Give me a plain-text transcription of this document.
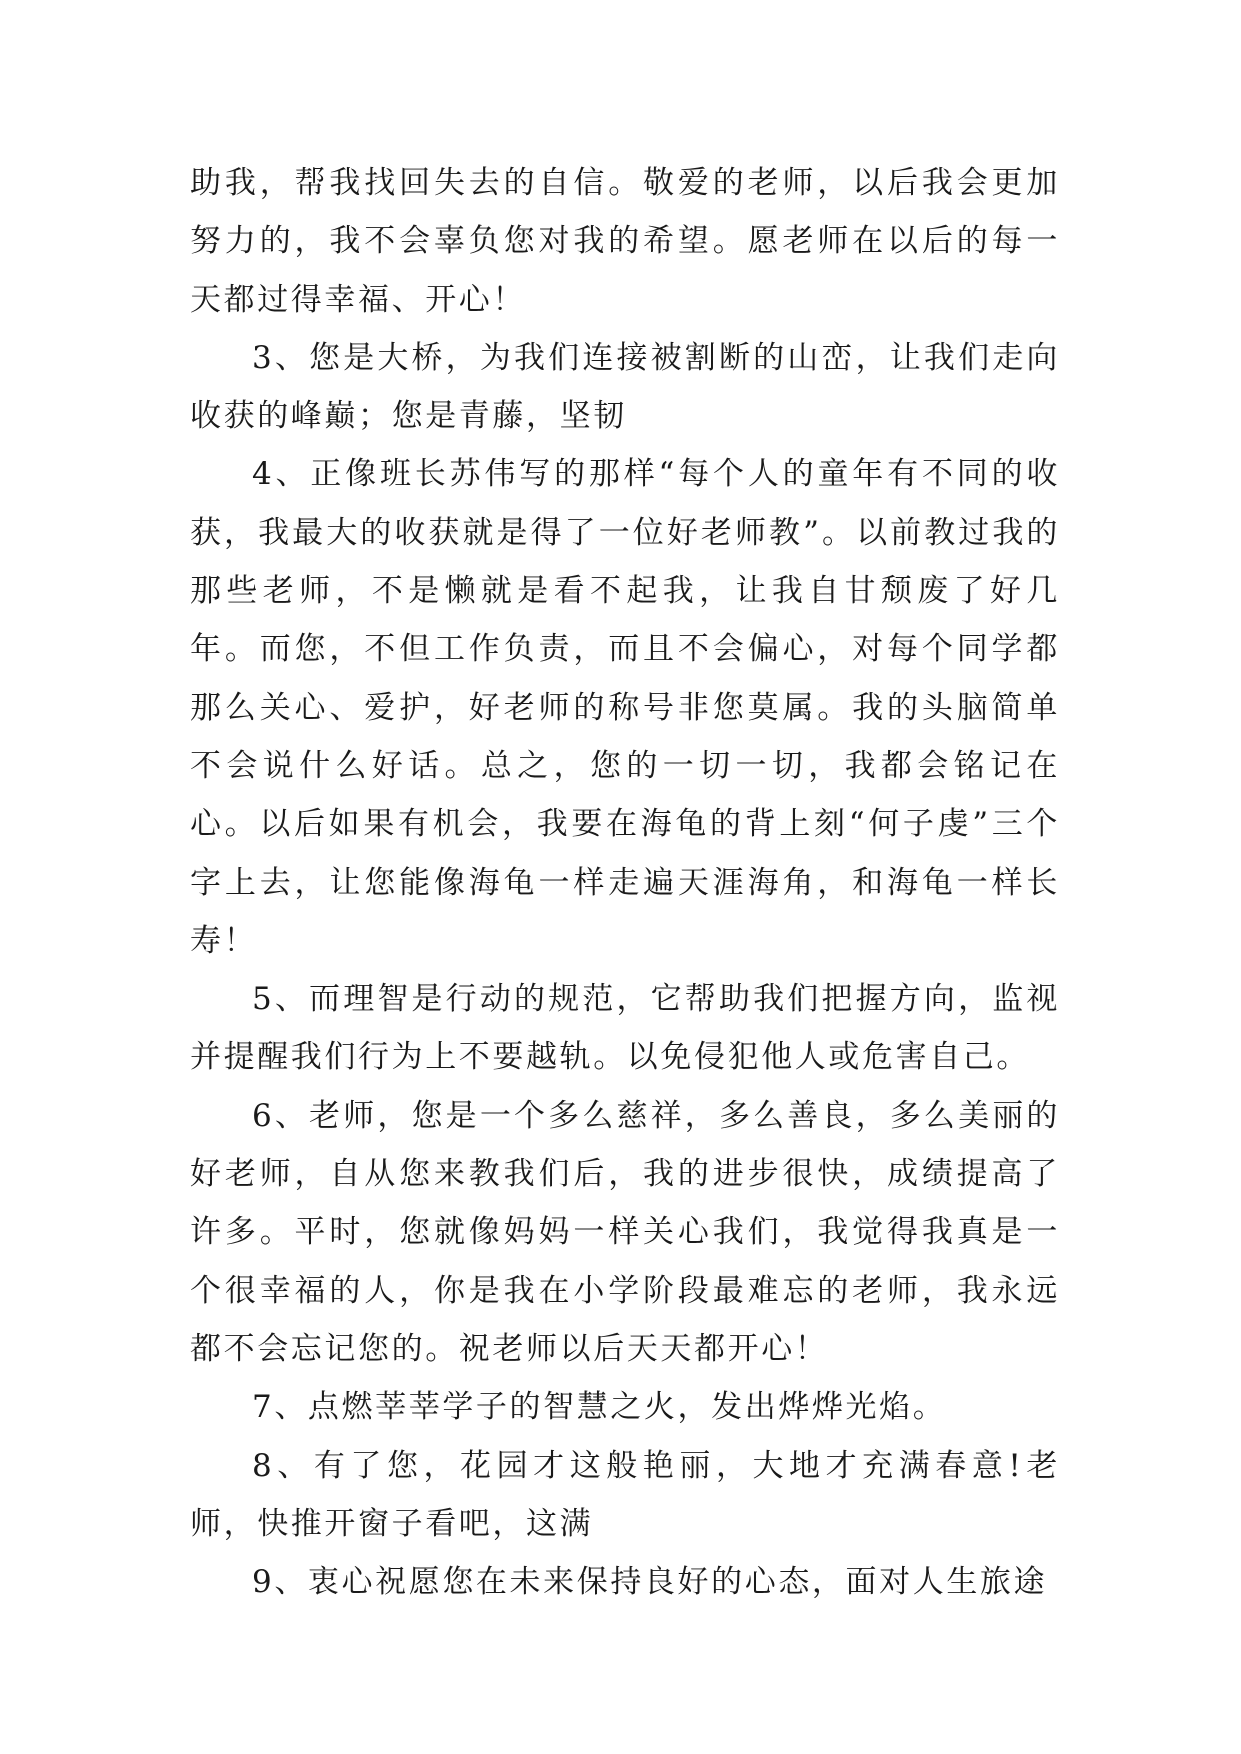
助我，帮我找回失去的自信。敬爱的老师，以后我会更加努力的，我不会辜负您对我的希望。愿老师在以后的每一天都过得幸福、开心！

3、您是大桥，为我们连接被割断的山峦，让我们走向收获的峰巅；您是青藤，坚韧

4、正像班长苏伟写的那样“每个人的童年有不同的收获，我最大的收获就是得了一位好老师教”。以前教过我的那些老师，不是懒就是看不起我，让我自甘颓废了好几年。而您，不但工作负责，而且不会偏心，对每个同学都那么关心、爱护，好老师的称号非您莫属。我的头脑简单不会说什么好话。总之，您的一切一切，我都会铭记在心。以后如果有机会，我要在海龟的背上刻“何子虔”三个字上去，让您能像海龟一样走遍天涯海角，和海龟一样长寿！

5、而理智是行动的规范，它帮助我们把握方向，监视并提醒我们行为上不要越轨。以免侵犯他人或危害自己。

6、老师，您是一个多么慈祥，多么善良，多么美丽的好老师，自从您来教我们后，我的进步很快，成绩提高了许多。平时，您就像妈妈一样关心我们，我觉得我真是一个很幸福的人，你是我在小学阶段最难忘的老师，我永远都不会忘记您的。祝老师以后天天都开心！

7、点燃莘莘学子的智慧之火，发出烨烨光焰。

8、有了您，花园才这般艳丽，大地才充满春意!老师，快推开窗子看吧，这满

9、衷心祝愿您在未来保持良好的心态，面对人生旅途
